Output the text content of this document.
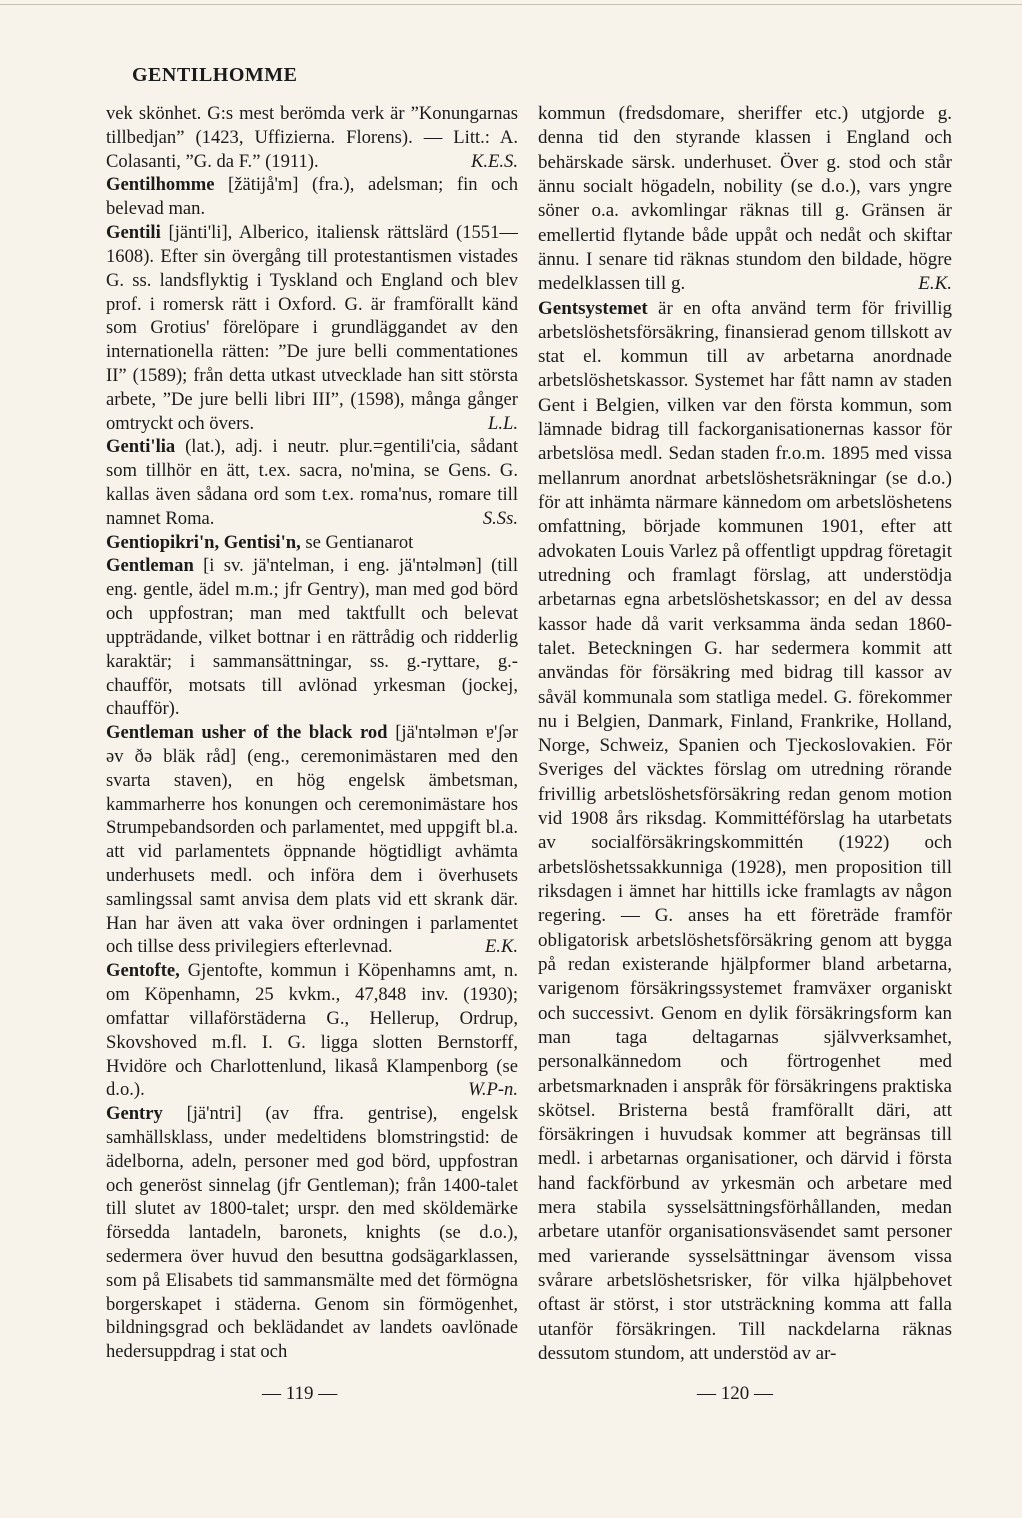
GENTILHOMME

vek skönhet. G:s mest berömda verk är ”Konungarnas tillbedjan” (1423, Uffizierna. Florens). — Litt.: A. Colasanti, ”G. da F.” (1911).	K.E.S.

Gentilhomme [žätijå'm] (fra.), adelsman; fin och belevad man.

Gentili [jänti'li], Alberico, italiensk rättslärd (1551—1608). Efter sin övergång till protestantismen vistades G. ss. landsflyktig i Tyskland och England och blev prof. i romersk rätt i Oxford. G. är framförallt känd som Grotius' förelöpare i grundläggandet av den internationella rätten: ”De jure belli commentationes II” (1589); från detta utkast utvecklade han sitt största arbete, ”De jure belli libri III”, (1598), många gånger omtryckt och övers.	L.L.

Genti'lia (lat.), adj. i neutr. plur.=gentili'cia, sådant som tillhör en ätt, t.ex. sacra, no'mina, se Gens. G. kallas även sådana ord som t.ex. roma'nus, romare till namnet Roma.	S.Ss.

Gentiopikri'n, Gentisi'n, se Gentianarot

Gentleman [i sv. jä'ntelman, i eng. jä'ntəlmən] (till eng. gentle, ädel m.m.; jfr Gentry), man med god börd och uppfostran; man med taktfullt och belevat uppträdande, vilket bottnar i en rättrådig och ridderlig karaktär; i sammansättningar, ss. g.-ryttare, g.-chaufför, motsats till avlönad yrkesman (jockej, chaufför).

Gentleman usher of the black rod [jä'ntəlmən ɐ'ʃər əv ðə bläk råd] (eng., ceremonimästaren med den svarta staven), en hög engelsk ämbetsman, kammarherre hos konungen och ceremonimästare hos Strumpebandsorden och parlamentet, med uppgift bl.a. att vid parlamentets öppnande högtidligt avhämta underhusets medl. och införa dem i överhusets samlingssal samt anvisa dem plats vid ett skrank där. Han har även att vaka över ordningen i parlamentet och tillse dess privilegiers efterlevnad.	E.K.

Gentofte, Gjentofte, kommun i Köpenhamns amt, n. om Köpenhamn, 25 kvkm., 47,848 inv. (1930); omfattar villaförstäderna G., Hellerup, Ordrup, Skovshoved m.fl. I. G. ligga slotten Bernstorff, Hvidöre och Charlottenlund, likaså Klampenborg (se d.o.).	W.P-n.

Gentry [jä'ntri] (av ffra. gentrise), engelsk samhällsklass, under medeltidens blomstringstid: de ädelborna, adeln, personer med god börd, uppfostran och generöst sinnelag (jfr Gentleman); från 1400-talet till slutet av 1800-talet; urspr. den med sköldemärke försedda lantadeln, baronets, knights (se d.o.), sedermera över huvud den besuttna godsägarklassen, som på Elisabets tid sammansmälte med det förmögna borgerskapet i städerna. Genom sin förmögenhet, bildningsgrad och beklädandet av landets oavlönade hedersuppdrag i stat och

kommun (fredsdomare, sheriffer etc.) utgjorde g. denna tid den styrande klassen i England och behärskade särsk. underhuset. Över g. stod och står ännu socialt högadeln, nobility (se d.o.), vars yngre söner o.a. avkomlingar räknas till g. Gränsen är emellertid flytande både uppåt och nedåt och skiftar ännu. I senare tid räknas stundom den bildade, högre medelklassen till g.	E.K.

Gentsystemet är en ofta använd term för frivillig arbetslöshetsförsäkring, finansierad genom tillskott av stat el. kommun till av arbetarna anordnade arbetslöshetskassor. Systemet har fått namn av staden Gent i Belgien, vilken var den första kommun, som lämnade bidrag till fackorganisationernas kassor för arbetslösa medl. Sedan staden fr.o.m. 1895 med vissa mellanrum anordnat arbetslöshetsräkningar (se d.o.) för att inhämta närmare kännedom om arbetslöshetens omfattning, började kommunen 1901, efter att advokaten Louis Varlez på offentligt uppdrag företagit utredning och framlagt förslag, att understödja arbetarnas egna arbetslöshetskassor; en del av dessa kassor hade då varit verksamma ända sedan 1860-talet. Beteckningen G. har sedermera kommit att användas för försäkring med bidrag till kassor av såväl kommunala som statliga medel. G. förekommer nu i Belgien, Danmark, Finland, Frankrike, Holland, Norge, Schweiz, Spanien och Tjeckoslovakien. För Sveriges del väcktes förslag om utredning rörande frivillig arbetslöshetsförsäkring redan genom motion vid 1908 års riksdag. Kommittéförslag ha utarbetats av socialförsäkringskommittén (1922) och arbetslöshetssakkunniga (1928), men proposition till riksdagen i ämnet har hittills icke framlagts av någon regering. — G. anses ha ett företräde framför obligatorisk arbetslöshetsförsäkring genom att bygga på redan existerande hjälpformer bland arbetarna, varigenom försäkringssystemet framväxer organiskt och successivt. Genom en dylik försäkringsform kan man taga deltagarnas självverksamhet, personalkännedom och förtrogenhet med arbetsmarknaden i anspråk för försäkringens praktiska skötsel. Bristerna bestå framförallt däri, att försäkringen i huvudsak kommer att begränsas till medl. i arbetarnas organisationer, och därvid i första hand fackförbund av yrkesmän och arbetare med mera stabila sysselsättningsförhållanden, medan arbetare utanför organisationsväsendet samt personer med varierande sysselsättningar ävensom vissa svårare arbetslöshetsrisker, för vilka hjälpbehovet oftast är störst, i stor utsträckning komma att falla utanför försäkringen. Till nackdelarna räknas dessutom stundom, att understöd av ar-

— 119 —	— 120 —
